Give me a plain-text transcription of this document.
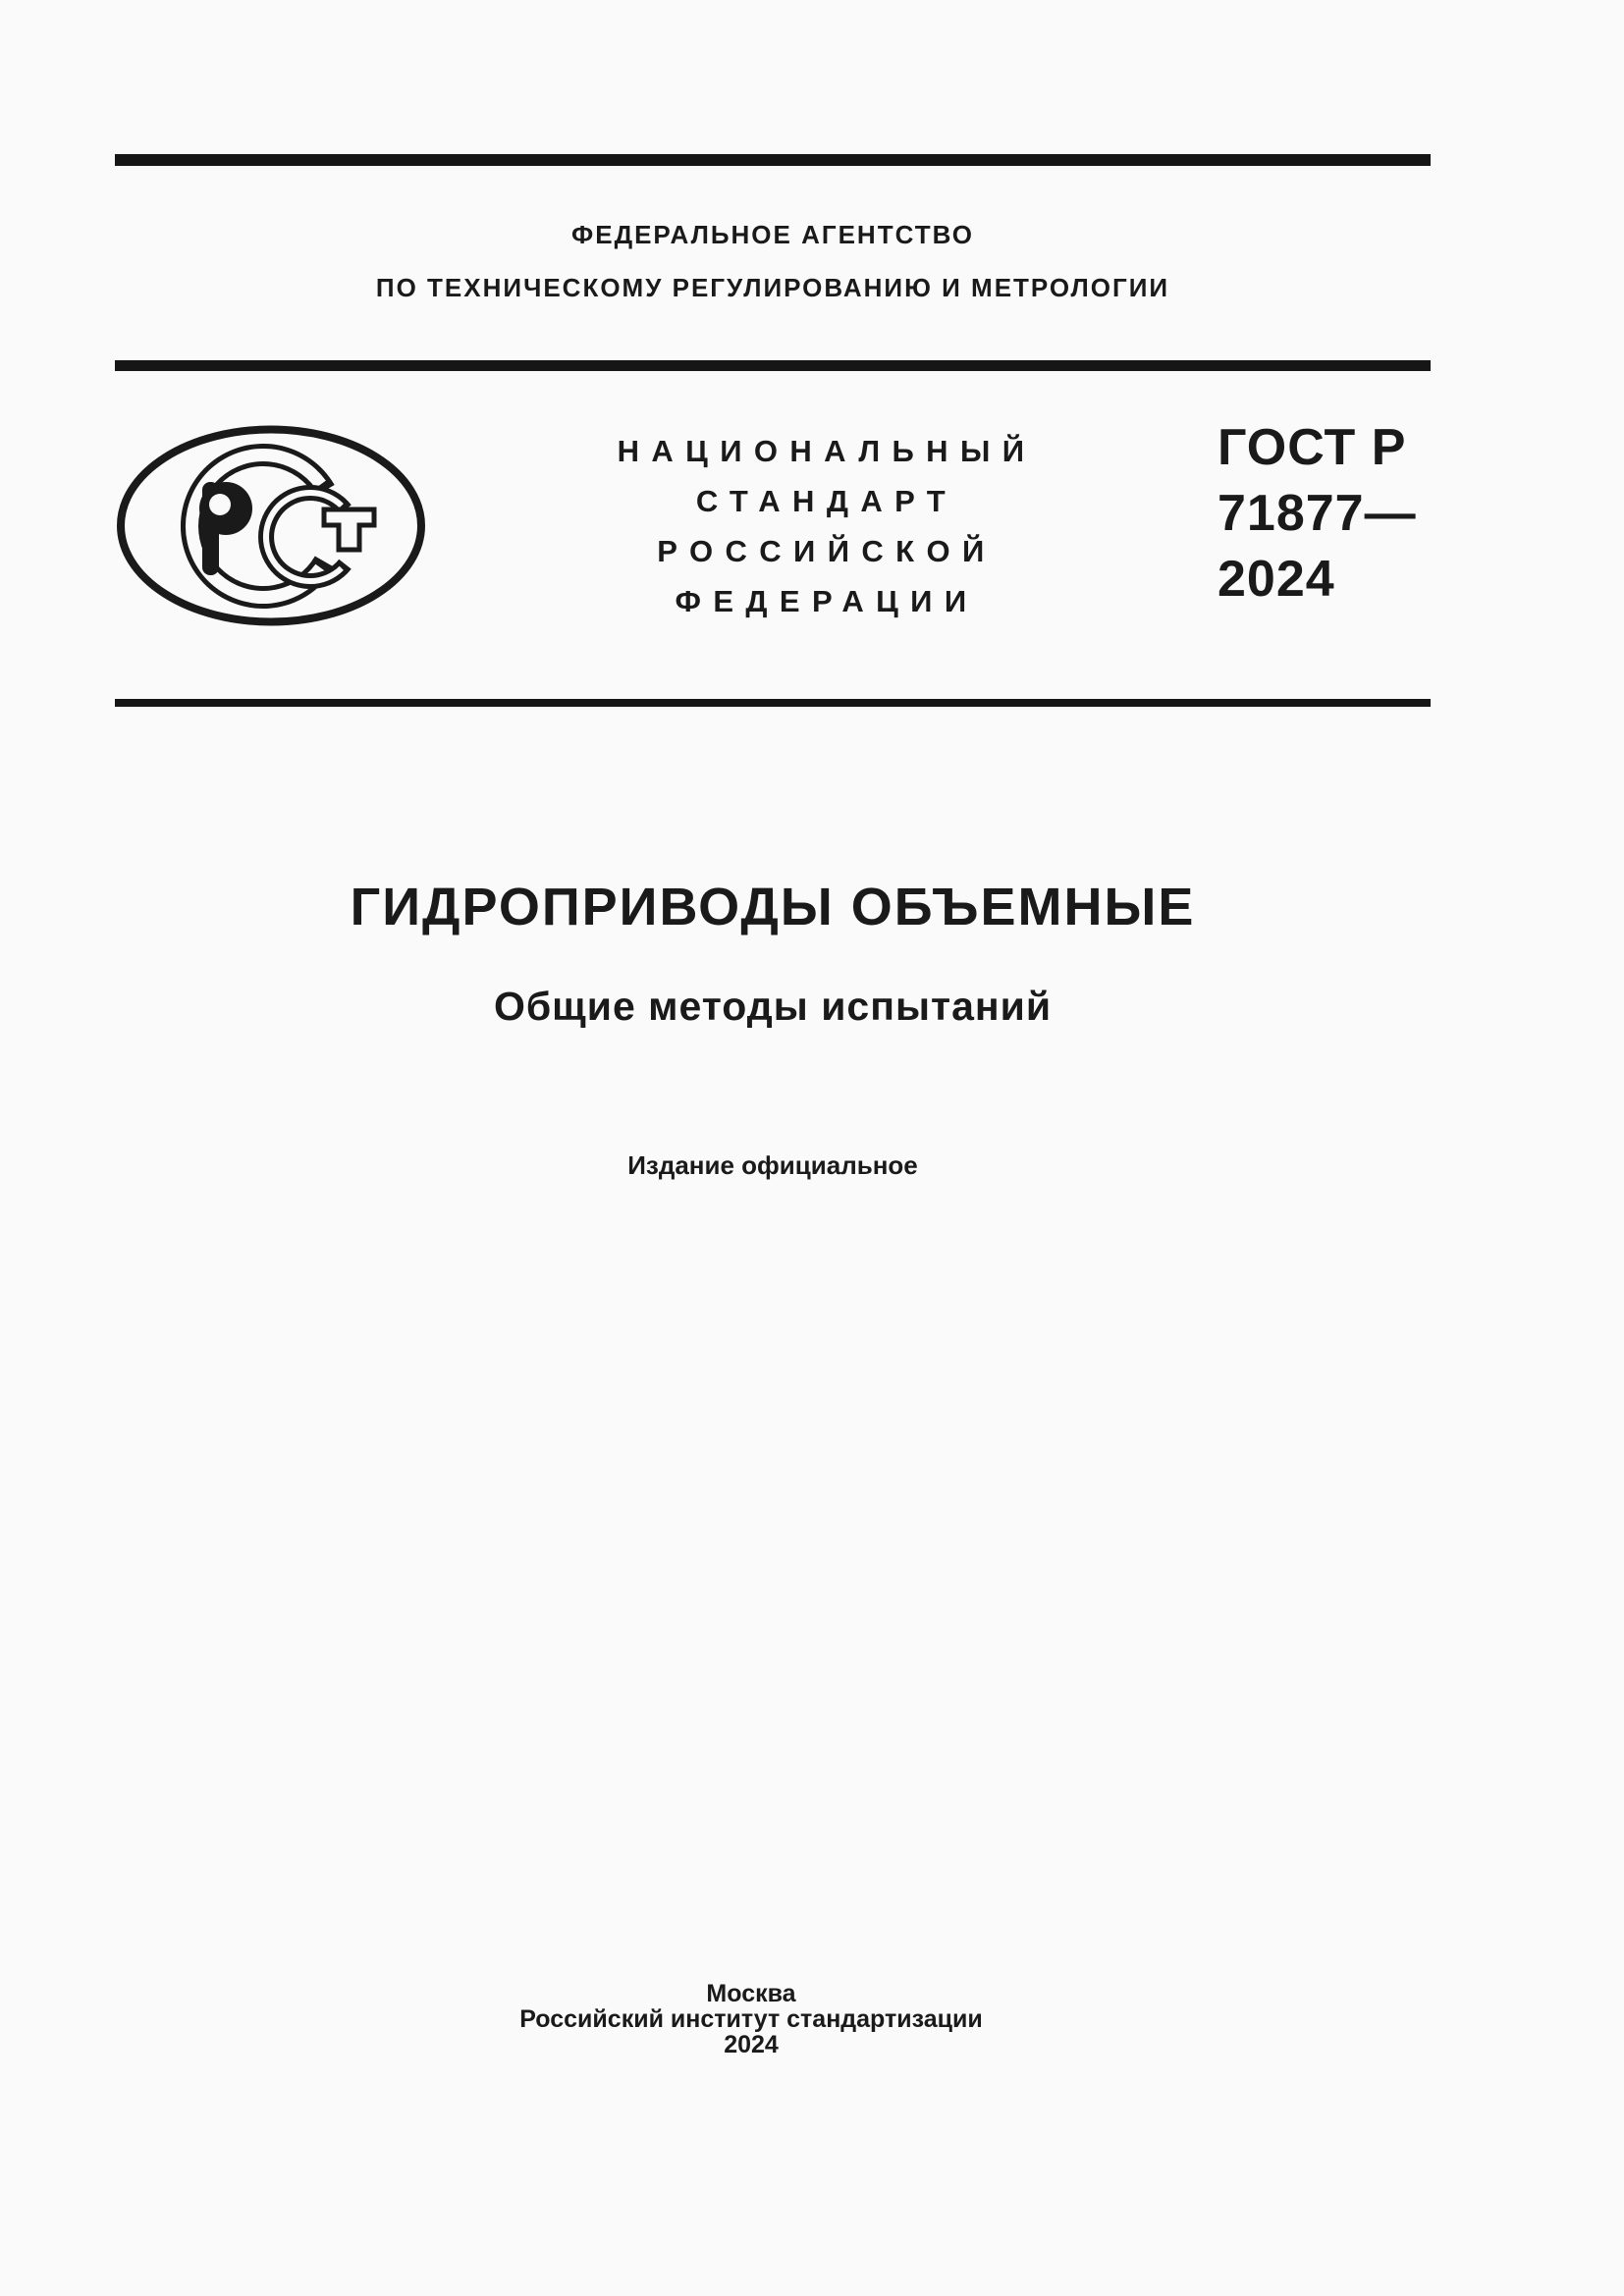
ФЕДЕРАЛЬНОЕ АГЕНТСТВО
ПО ТЕХНИЧЕСКОМУ РЕГУЛИРОВАНИЮ И МЕТРОЛОГИИ
НАЦИОНАЛЬНЫЙ
СТАНДАРТ
РОССИЙСКОЙ
ФЕДЕРАЦИИ
ГОСТ Р
71877—
2024
ГИДРОПРИВОДЫ ОБЪЕМНЫЕ
Общие методы испытаний
Издание официальное
Москва
Российский институт стандартизации
2024
